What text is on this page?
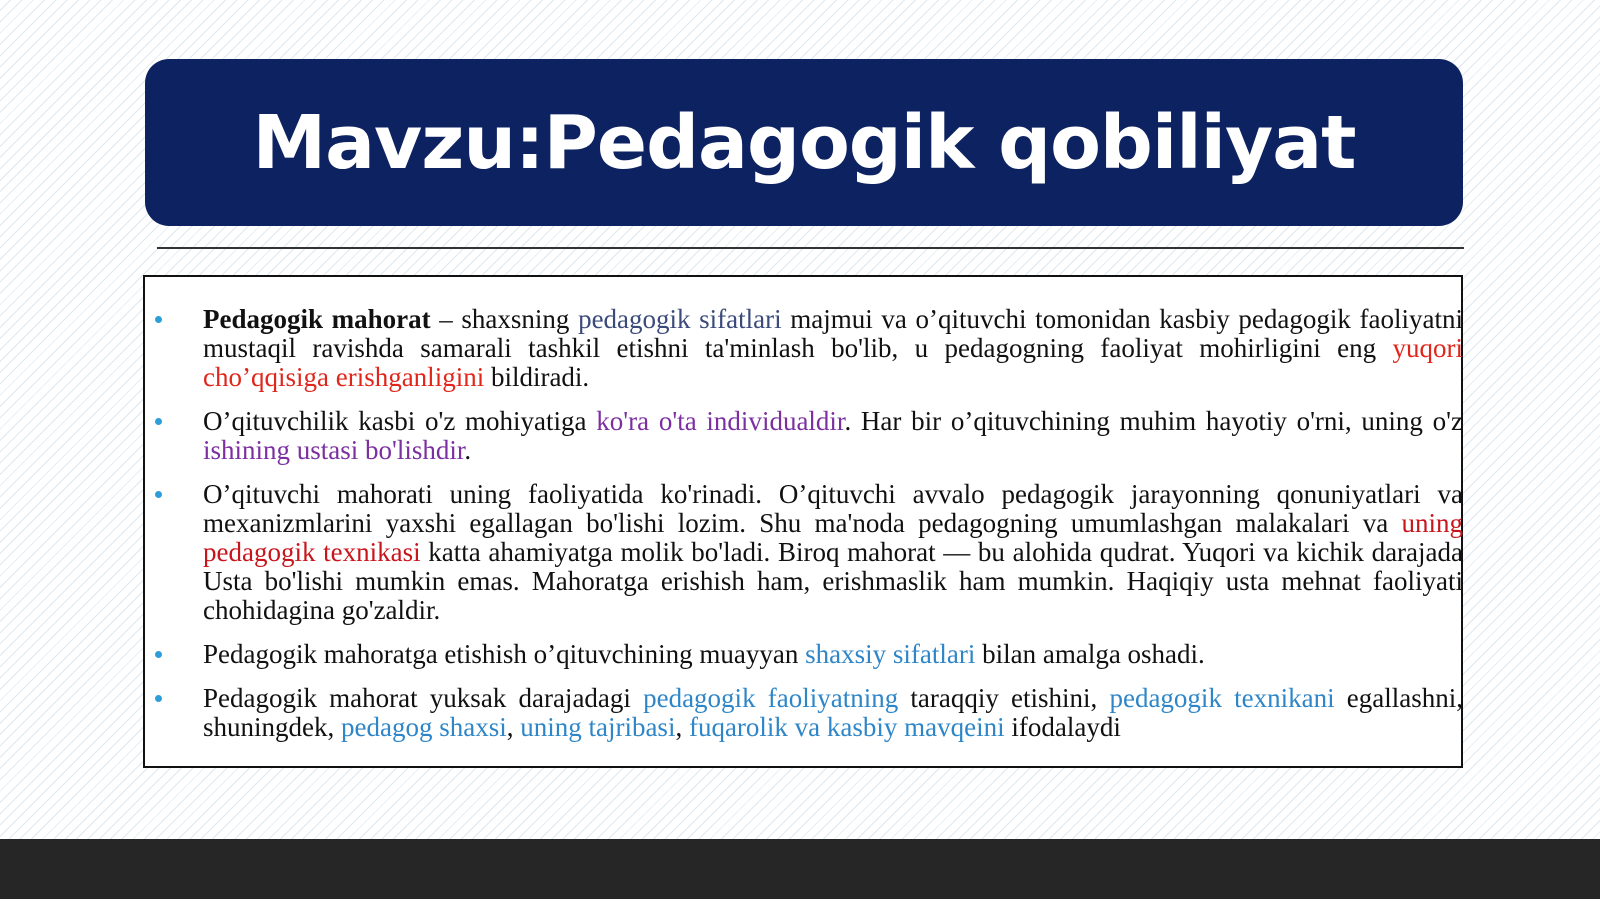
Mavzu:Pedagogik qobiliyat
Pedagogik mahorat – shaxsning pedagogik sifatlari majmui va o’qituvchi tomonidan kasbiy pedagogik faoliyatni mustaqil ravishda samarali tashkil etishni ta'minlash bo'lib, u pedagogning faoliyat mohirligini eng yuqori cho’qqisiga erishganligini bildiradi.
O’qituvchilik kasbi o'z mohiyatiga ko'ra o'ta individualdir. Har bir o’qituvchining muhim hayotiy o'rni, uning o'z ishining ustasi bo'lishdir.
O’qituvchi mahorati uning faoliyatida ko'rinadi. O’qituvchi avvalo pedagogik jarayonning qonuniyatlari va mexanizmlarini yaxshi egallagan bo'lishi lozim. Shu ma'noda pedagogning umumlashgan malakalari va uning pedagogik texnikasi katta ahamiyatga molik bo'ladi. Biroq mahorat — bu alohida qudrat. Yuqori va kichik darajada Usta bo'lishi mumkin emas. Mahoratga erishish ham, erishmaslik ham mumkin. Haqiqiy usta mehnat faoliyati chohidagina go'zaldir.
Pedagogik mahoratga etishish o’qituvchining muayyan shaxsiy sifatlari bilan amalga oshadi.
Pedagogik mahorat yuksak darajadagi pedagogik faoliyatning taraqqiy etishini, pedagogik texnikani egallashni, shuningdek, pedagog shaxsi, uning tajribasi, fuqarolik va kasbiy mavqeini ifodalaydi
